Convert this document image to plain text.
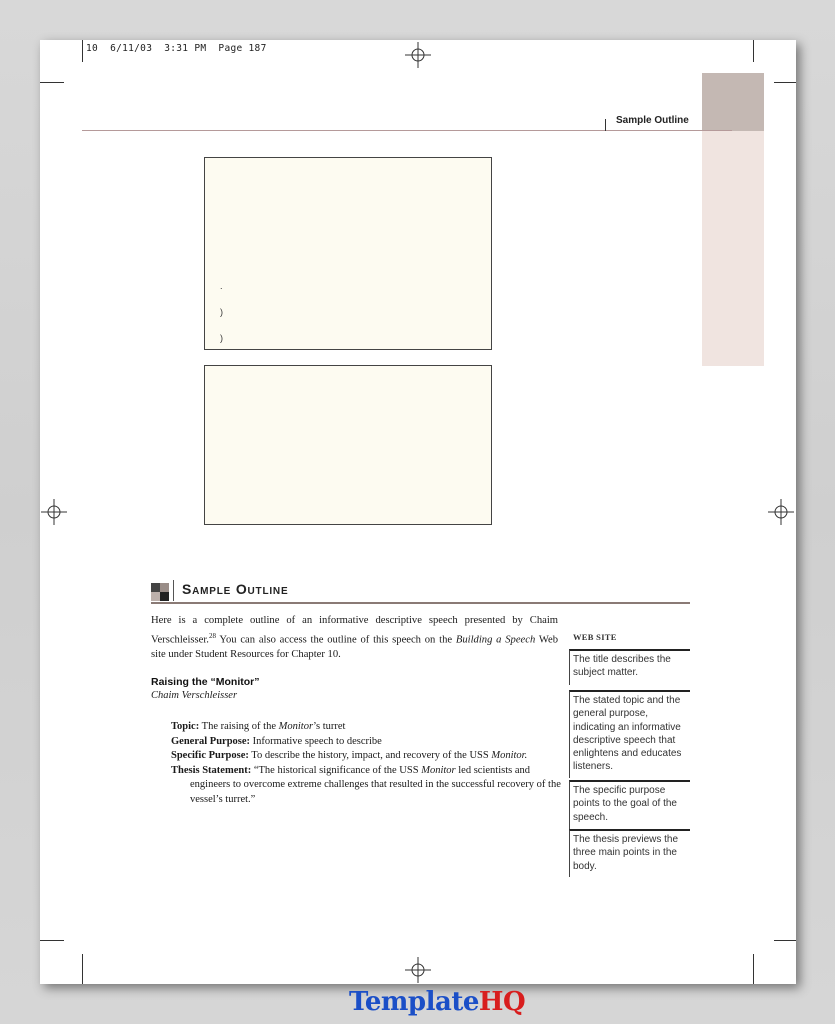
10  6/11/03  3:31 PM  Page 187
Sample Outline
.
)
)
Sample Outline
Here is a complete outline of an informative descriptive speech presented by Chaim Verschleisser.$^{28}$ You can also access the outline of this speech on the Building a Speech Web site under Student Resources for Chapter 10.
Raising the “Monitor”
Chaim Verschleisser
Topic: The raising of the Monitor’s turret
General Purpose: Informative speech to describe
Specific Purpose: To describe the history, impact, and recovery of the USS Monitor.
Thesis Statement: “The historical significance of the USS Monitor led scientists and engineers to overcome extreme challenges that resulted in the successful recovery of the vessel’s turret.”
WEB SITE
The title describes the subject matter.
The stated topic and the general purpose, indicating an informative descriptive speech that enlightens and educates listeners.
The specific purpose points to the goal of the speech.
The thesis previews the three main points in the body.
TemplateHQ
